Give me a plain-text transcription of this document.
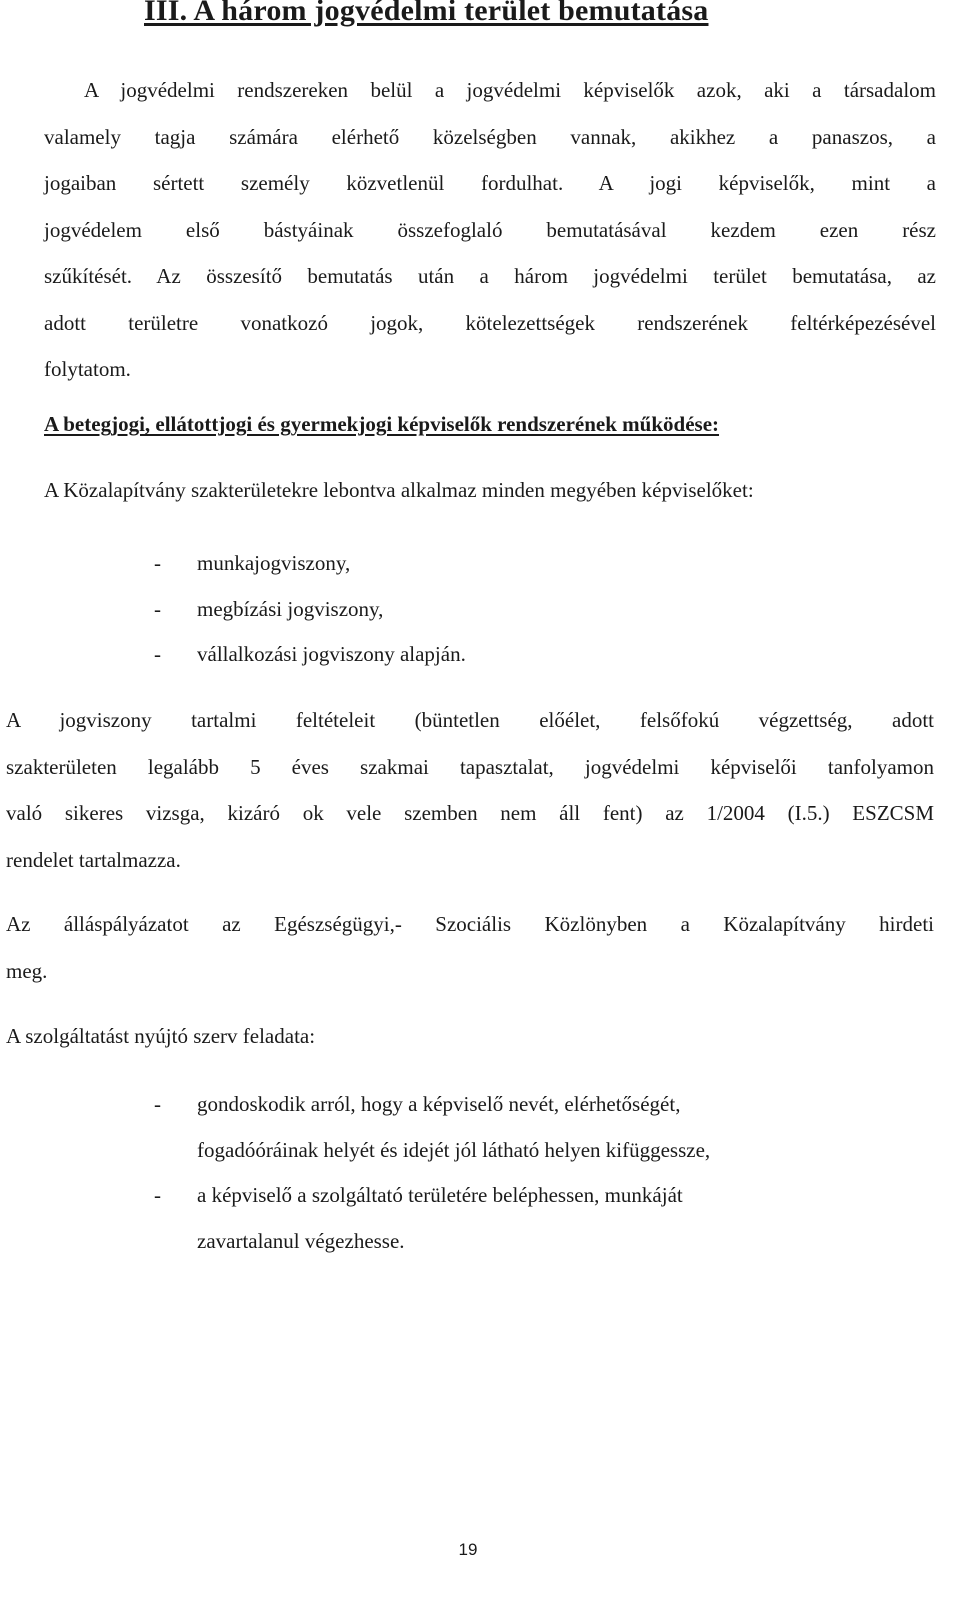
III. A három jogvédelmi terület bemutatása

A jogvédelmi rendszereken belül a jogvédelmi képviselők azok, aki a társadalom
valamely tagja számára elérhető közelségben vannak, akikhez a panaszos, a
jogaiban sértett személy közvetlenül fordulhat. A jogi képviselők, mint a
jogvédelem első bástyáinak összefoglaló bemutatásával kezdem ezen rész
szűkítését. Az összesítő bemutatás után a három jogvédelmi terület bemutatása, az
adott területre vonatkozó jogok, kötelezettségek rendszerének feltérképezésével
folytatom.

A betegjogi, ellátottjogi és gyermekjogi képviselők rendszerének működése:

A Közalapítvány szakterületekre lebontva alkalmaz minden megyében képviselőket:

- munkajogviszony,
- megbízási jogviszony,
- vállalkozási jogviszony alapján.

A jogviszony tartalmi feltételeit (büntetlen előélet, felsőfokú végzettség, adott
szakterületen legalább 5 éves szakmai tapasztalat, jogvédelmi képviselői tanfolyamon
való sikeres vizsga, kizáró ok vele szemben nem áll fent) az 1/2004 (I.5.) ESZCSM
rendelet tartalmazza.

Az álláspályázatot az Egészségügyi,- Szociális Közlönyben a Közalapítvány hirdeti
meg.

A szolgáltatást nyújtó szerv feladata:

- gondoskodik arról, hogy a képviselő nevét, elérhetőségét,
fogadóóráinak helyét és idejét jól látható helyen kifüggessze,
- a képviselő a szolgáltató területére beléphessen, munkáját
zavartalanul végezhesse.
19
